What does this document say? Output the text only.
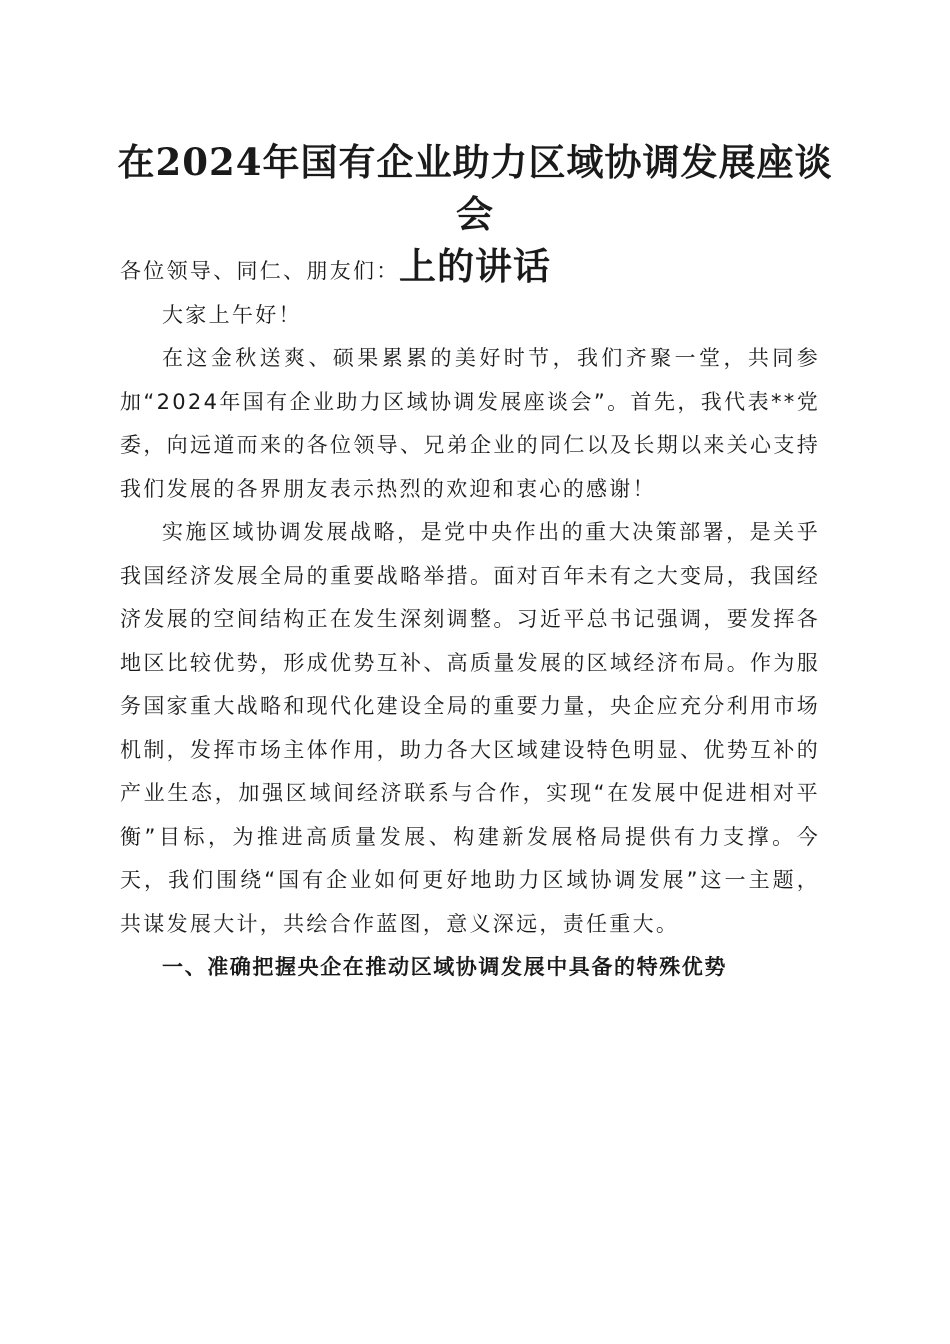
在2024年国有企业助力区域协调发展座谈会
上的讲话

各位领导、同仁、朋友们：

大家上午好！

在这金秋送爽、硕果累累的美好时节，我们齐聚一堂，共同参加“2024年国有企业助力区域协调发展座谈会”。首先，我代表**党委，向远道而来的各位领导、兄弟企业的同仁以及长期以来关心支持我们发展的各界朋友表示热烈的欢迎和衷心的感谢！

实施区域协调发展战略，是党中央作出的重大决策部署，是关乎我国经济发展全局的重要战略举措。面对百年未有之大变局，我国经济发展的空间结构正在发生深刻调整。习近平总书记强调，要发挥各地区比较优势，形成优势互补、高质量发展的区域经济布局。作为服务国家重大战略和现代化建设全局的重要力量，央企应充分利用市场机制，发挥市场主体作用，助力各大区域建设特色明显、优势互补的产业生态，加强区域间经济联系与合作，实现“在发展中促进相对平衡”目标，为推进高质量发展、构建新发展格局提供有力支撑。今天，我们围绕“国有企业如何更好地助力区域协调发展”这一主题，共谋发展大计，共绘合作蓝图，意义深远，责任重大。

一、准确把握央企在推动区域协调发展中具备的特殊优势
